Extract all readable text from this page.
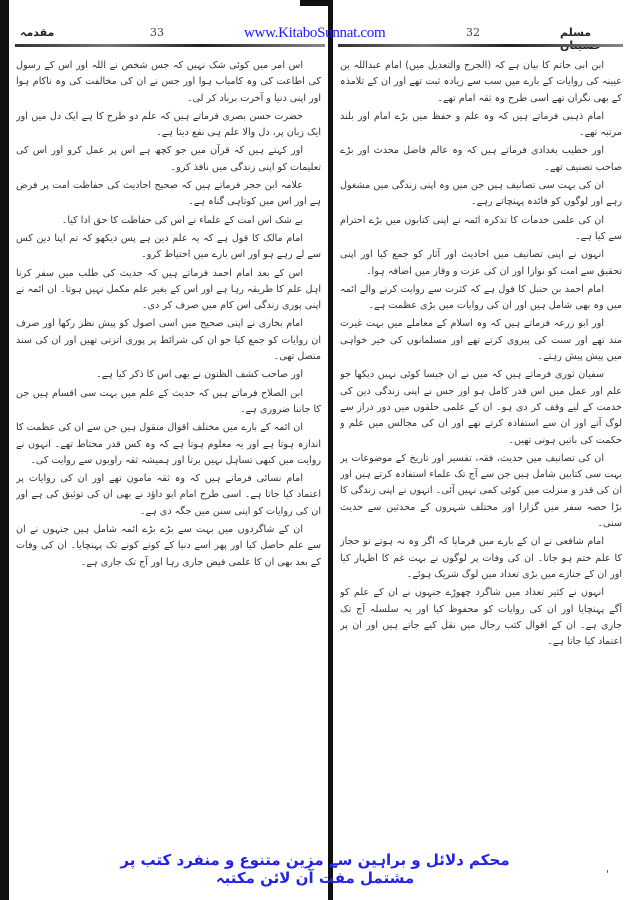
مقدمہ	33	www.KitaboSunnat.com	32	مسلم

ابن ابی حاتم کا بیان ہے کہ (الجرح والتعدیل میں) امام عبداللہ بن عیینہ کی روایات کے بارے میں سب سے زیادہ ثبت تھے اور ان کے تلامذہ کے بھی نگران تھے اسی طرح وہ ثقہ امام تھے۔

امام ذہبی فرماتے ہیں کہ وہ علم و حفظ میں بڑے امام اور بلند مرتبہ تھے۔

اور خطیب بغدادی فرماتے ہیں کہ وہ عالم فاضل محدث اور بڑے صاحب تصنیف تھے۔

ان کی بہت سی تصانیف ہیں جن میں وہ اپنی زندگی میں مشغول رہے اور لوگوں کو فائدہ پہنچاتے رہے۔

ان کی علمی خدمات کا تذکرہ ائمہ نے اپنی کتابوں میں بڑے احترام سے کیا ہے۔

انہوں نے اپنی تصانیف میں احادیث اور آثار کو جمع کیا اور اپنی تحقیق سے امت کو نوازا اور ان کی عزت و وقار میں اضافہ ہوا۔

امام احمد بن حنبل کا قول ہے کہ کثرت سے روایت کرنے والے ائمہ میں وہ بھی شامل ہیں اور ان کی روایات میں بڑی عظمت ہے۔

اور ابو زرعہ فرماتے ہیں کہ وہ اسلام کے معاملے میں بہت غیرت مند تھے اور سنت کی پیروی کرتے تھے اور مسلمانوں کی خیر خواہی میں پیش پیش رہتے۔

سفیان ثوری فرماتے ہیں کہ میں نے ان جیسا کوئی نہیں دیکھا جو علم اور عمل میں اس قدر کامل ہو اور جس نے اپنی زندگی دین کی خدمت کے لیے وقف کر دی ہو۔ ان کے علمی حلقوں میں دور دراز سے لوگ آتے اور ان سے استفادہ کرتے تھے اور ان کی مجالس میں علم و حکمت کی باتیں ہوتی تھیں۔

ان کی تصانیف میں حدیث، فقہ، تفسیر اور تاریخ کے موضوعات پر بہت سی کتابیں شامل ہیں جن سے آج تک علماء استفادہ کرتے ہیں اور ان کی قدر و منزلت میں کوئی کمی نہیں آئی۔ انہوں نے اپنی زندگی کا بڑا حصہ سفر میں گزارا اور مختلف شہروں کے محدثین سے حدیث سنی۔

امام شافعی نے ان کے بارے میں فرمایا کہ اگر وہ نہ ہوتے تو حجاز کا علم ختم ہو جاتا۔ ان کی وفات پر لوگوں نے بہت غم کا اظہار کیا اور ان کے جنازے میں بڑی تعداد میں لوگ شریک ہوئے۔

انہوں نے کثیر تعداد میں شاگرد چھوڑے جنہوں نے ان کے علم کو آگے پہنچایا اور ان کی روایات کو محفوظ کیا اور یہ سلسلہ آج تک جاری ہے۔ ان کے اقوال کتب رجال میں نقل کیے جاتے ہیں اور ان پر اعتماد کیا جاتا ہے۔

اس امر میں کوئی شک نہیں کہ جس شخص نے اللہ اور اس کے رسول کی اطاعت کی وہ کامیاب ہوا اور جس نے ان کی مخالفت کی وہ ناکام ہوا اور اپنی دنیا و آخرت برباد کر لی۔

حضرت حسن بصری فرماتے ہیں کہ علم دو طرح کا ہے ایک دل میں اور ایک زبان پر، دل والا علم ہی نفع دیتا ہے۔

اور کہتے ہیں کہ قرآن میں جو کچھ ہے اس پر عمل کرو اور اس کی تعلیمات کو اپنی زندگی میں نافذ کرو۔

علامہ ابن حجر فرماتے ہیں کہ صحیح احادیث کی حفاظت امت پر فرض ہے اور اس میں کوتاہی گناہ ہے۔

بے شک اس امت کے علماء نے اس کی حفاظت کا حق ادا کیا۔

امام مالک کا قول ہے کہ یہ علم دین ہے پس دیکھو کہ تم اپنا دین کس سے لے رہے ہو اور اس بارے میں احتیاط کرو۔

اس کے بعد امام احمد فرماتے ہیں کہ حدیث کی طلب میں سفر کرنا اہل علم کا طریقہ رہا ہے اور اس کے بغیر علم مکمل نہیں ہوتا۔ ان ائمہ نے اپنی پوری زندگی اس کام میں صرف کر دی۔

امام بخاری نے اپنی صحیح میں اسی اصول کو پیش نظر رکھا اور صرف ان روایات کو جمع کیا جو ان کی شرائط پر پوری اترتی تھیں اور ان کی سند متصل تھی۔

اور صاحب کشف الظنون نے بھی اس کا ذکر کیا ہے۔

ابن الصلاح فرماتے ہیں کہ حدیث کے علم میں بہت سی اقسام ہیں جن کا جاننا ضروری ہے۔

ان ائمہ کے بارے میں مختلف اقوال منقول ہیں جن سے ان کی عظمت کا اندازہ ہوتا ہے اور یہ معلوم ہوتا ہے کہ وہ کس قدر محتاط تھے۔ انہوں نے روایت میں کبھی تساہل نہیں برتا اور ہمیشہ ثقہ راویوں سے روایت کی۔

امام نسائی فرماتے ہیں کہ وہ ثقہ مامون تھے اور ان کی روایات پر اعتماد کیا جاتا ہے۔ اسی طرح امام ابو داؤد نے بھی ان کی توثیق کی ہے اور ان کی روایات کو اپنی سنن میں جگہ دی ہے۔

ان کے شاگردوں میں بہت سے بڑے بڑے ائمہ شامل ہیں جنہوں نے ان سے علم حاصل کیا اور پھر اسے دنیا کے کونے کونے تک پہنچایا۔ ان کی وفات کے بعد بھی ان کا علمی فیض جاری رہا اور آج تک جاری ہے۔

محکم دلائل و براہین سے مزین متنوع و منفرد کتب پر مشتمل مفت آن لائن مکتبہ	'
